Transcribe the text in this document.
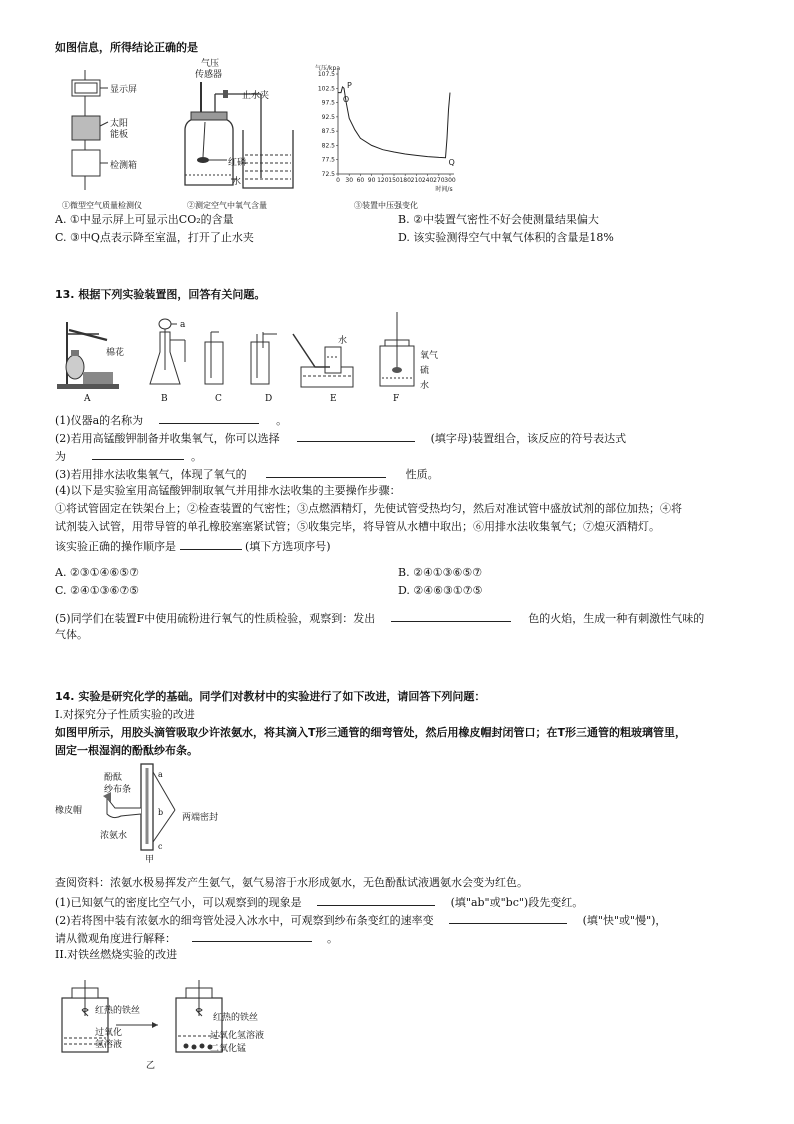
如图信息，所得结论正确的是
显示屏
太阳
能板
检测箱
①微型空气质量检测仪
气压
传感器
止水夹
红磷
水
②测定空气中氧气含量
72.5
77.5
82.5
87.5
92.5
97.5
102.5
107.5
0 30 60 90 120 150 180 210 240 270 300
气压/kpa
时间/s
P
O
Q
③装置中压强变化
A. ①中显示屏上可显示出CO₂的含量	B. ②中装置气密性不好会使测量结果偏大
C. ③中Q点表示降至室温，打开了止水夹	D. 该实验测得空气中氧气体积的含量是18%
13. 根据下列实验装置图，回答有关问题。
棉花
a
水
氧气
硫
水
A	B	C	D	E	F
(1)仪器a的名称为	。
(2)若用高锰酸钾制备并收集氧气，你可以选择	(填字母)装置组合，该反应的符号表达式
为	。
(3)若用排水法收集氧气，体现了氧气的	性质。
(4)以下是实验室用高锰酸钾制取氧气并用排水法收集的主要操作步骤：
①将试管固定在铁架台上；②检查装置的气密性；③点燃酒精灯，先使试管受热均匀，然后对准试管中盛放试剂的部位加热；④将
试剂装入试管，用带导管的单孔橡胶塞塞紧试管；⑤收集完毕，将导管从水槽中取出；⑥用排水法收集氧气；⑦熄灭酒精灯。
该实验正确的操作顺序是	(填下方选项序号)
A. ②③①④⑥⑤⑦	B. ②④①③⑥⑤⑦
C. ②④①③⑥⑦⑤	D. ②④⑥③①⑦⑤
(5)同学们在装置F中使用硫粉进行氧气的性质检验，观察到：发出	色的火焰，生成一种有刺激性气味的
气体。
14. 实验是研究化学的基础。同学们对教材中的实验进行了如下改进，请回答下列问题：
I.对探究分子性质实验的改进
如图甲所示，用胶头滴管吸取少许浓氨水，将其滴入T形三通管的细弯管处，然后用橡皮帽封闭管口；在T形三通管的粗玻璃管里，
固定一根湿润的酚酞纱布条。
酚酞
纱布条
橡皮帽
浓氨水
两端密封
a
b
c
甲
查阅资料：浓氨水极易挥发产生氨气，氨气易溶于水形成氨水，无色酚酞试液遇氨水会变为红色。
(1)已知氨气的密度比空气小，可以观察到的现象是	(填"ab"或"bc")段先变红。
(2)若将图中装有浓氨水的细弯管处浸入冰水中，可观察到纱布条变红的速率变	(填"快"或"慢")，
请从微观角度进行解释：	。
II.对铁丝燃烧实验的改进
红热的铁丝
过氧化
氢溶液
红热的铁丝
过氧化氢溶液
二氧化锰
乙
